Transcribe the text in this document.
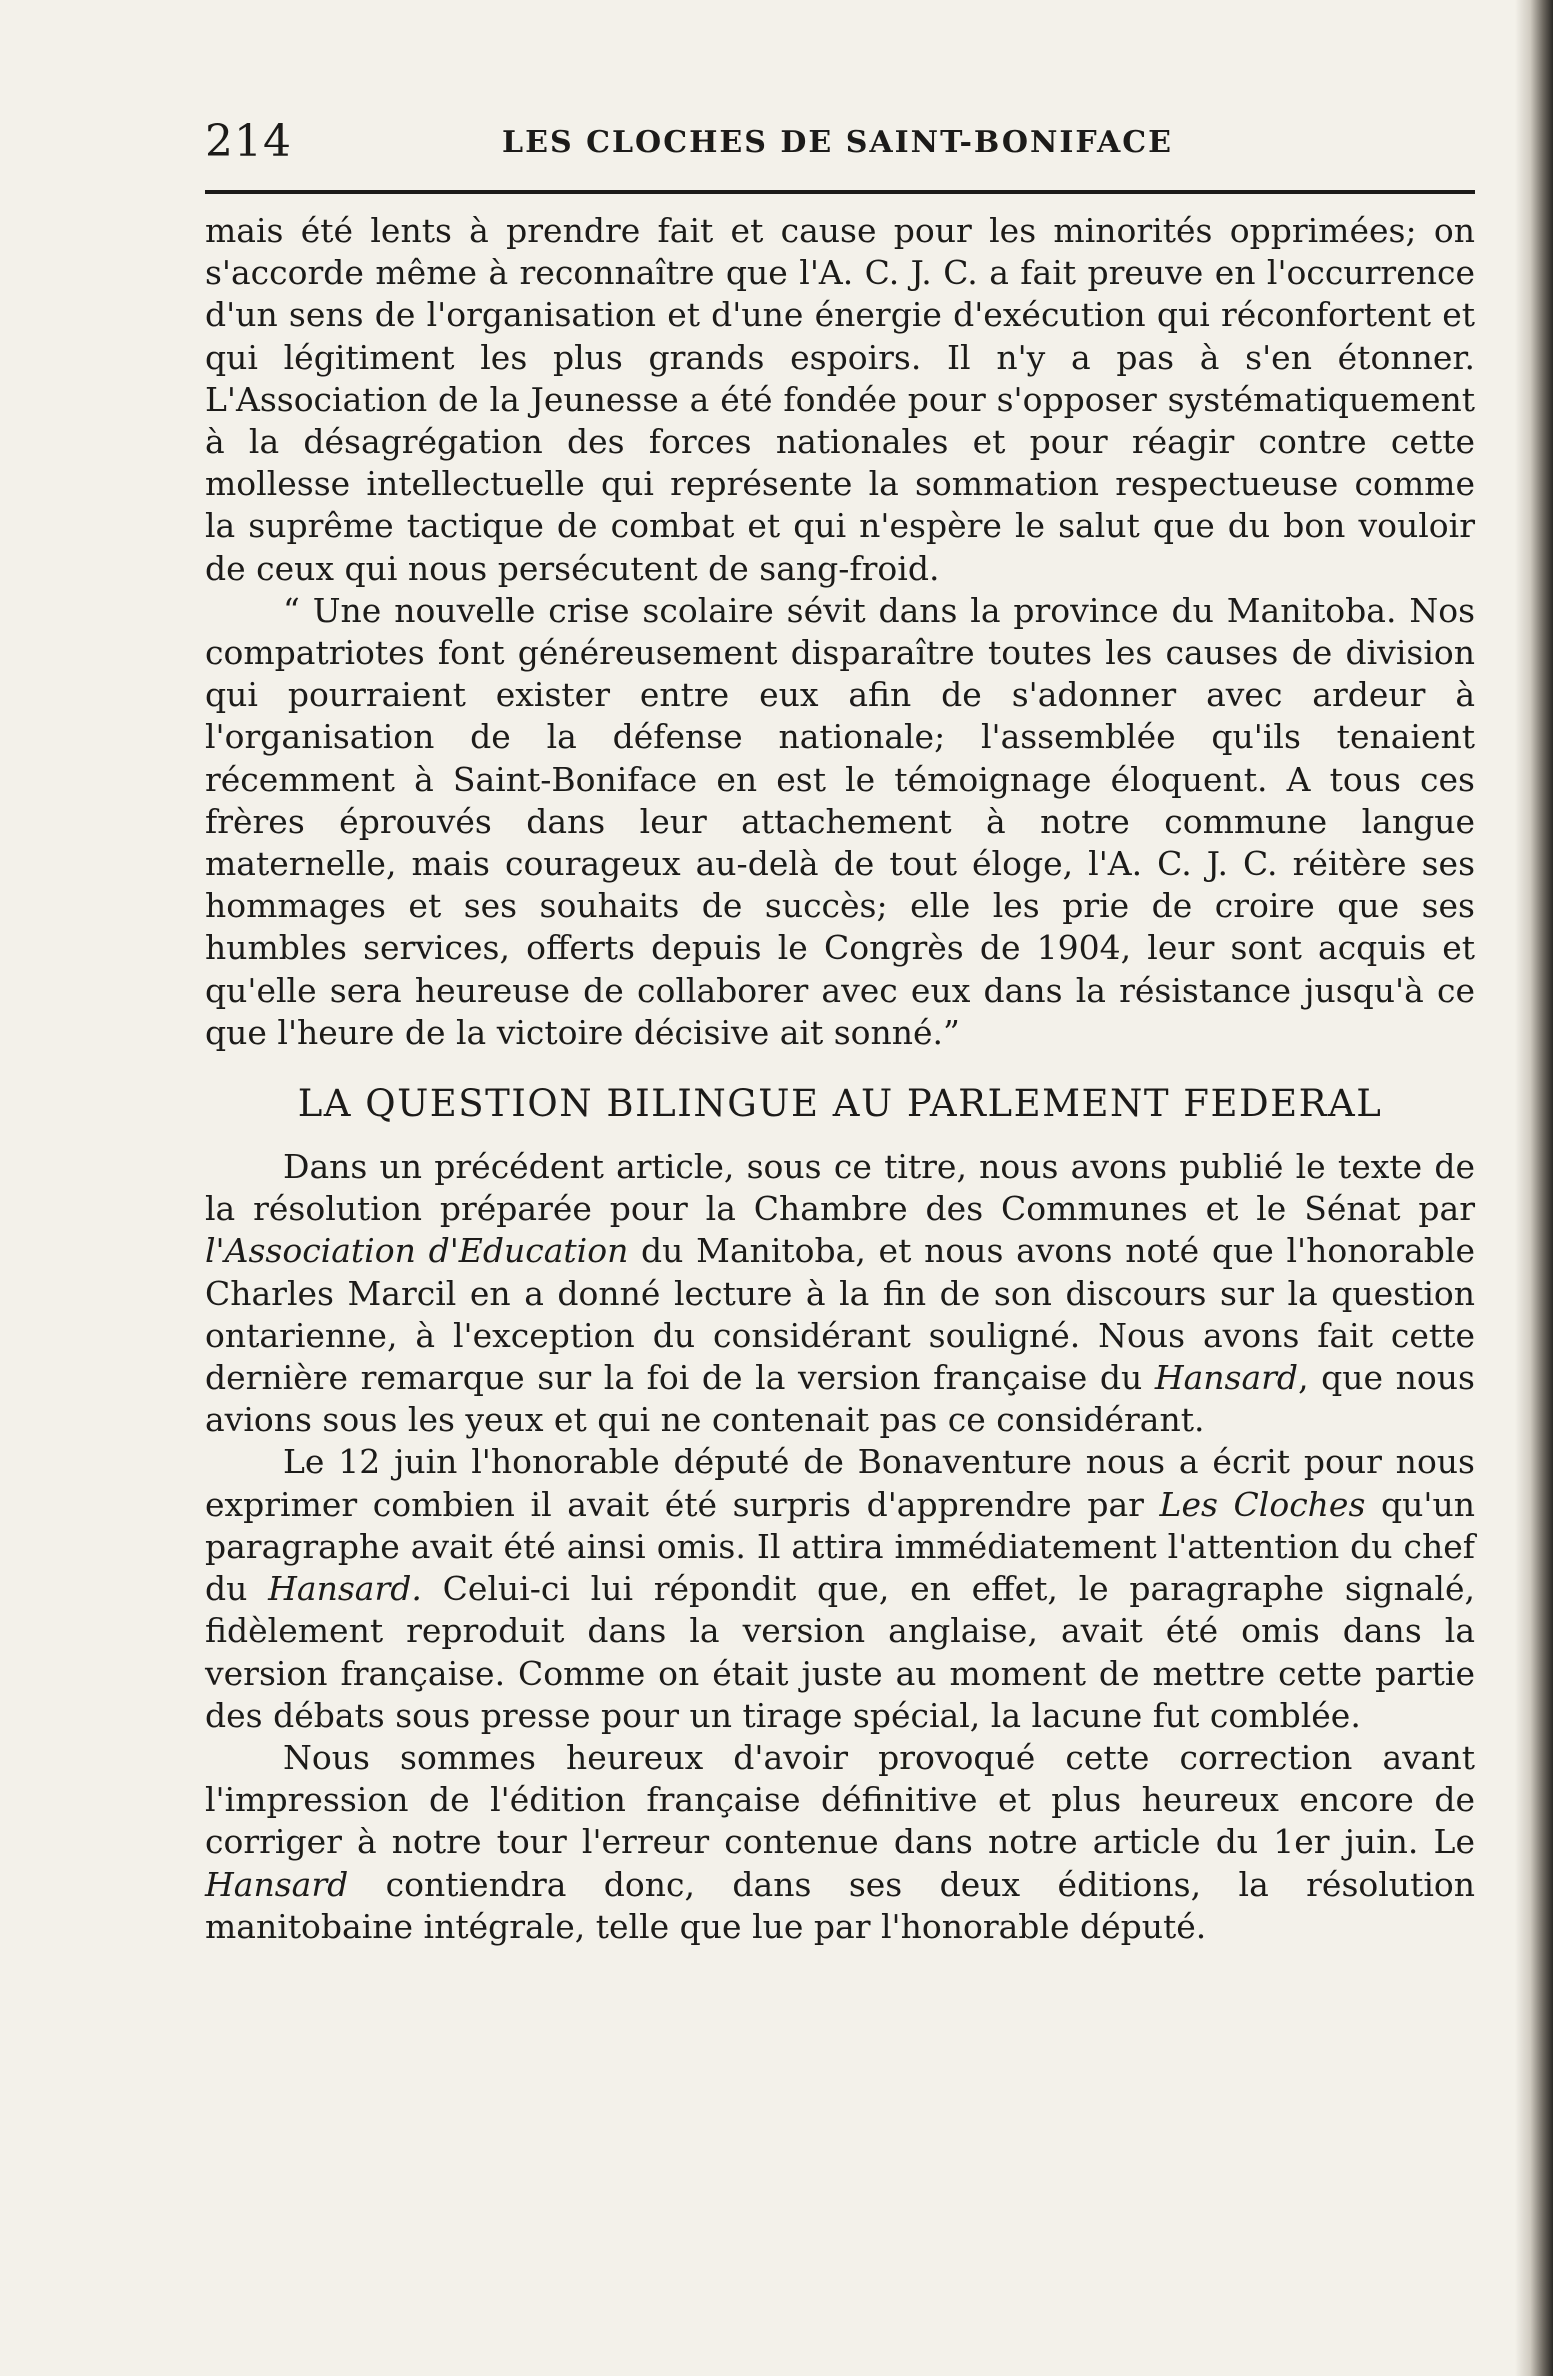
214	LES CLOCHES DE SAINT-BONIFACE

mais été lents à prendre fait et cause pour les minorités opprimées; on s'accorde même à reconnaître que l'A. C. J. C. a fait preuve en l'occurrence d'un sens de l'organisation et d'une énergie d'exécution qui réconfortent et qui légitiment les plus grands espoirs. Il n'y a pas à s'en étonner. L'Association de la Jeunesse a été fondée pour s'opposer systématiquement à la désagrégation des forces nationales et pour réagir contre cette mollesse intellectuelle qui représente la sommation respectueuse comme la suprême tactique de combat et qui n'espère le salut que du bon vouloir de ceux qui nous persécutent de sang-froid.

“ Une nouvelle crise scolaire sévit dans la province du Manitoba. Nos compatriotes font généreusement disparaître toutes les causes de division qui pourraient exister entre eux afin de s'adonner avec ardeur à l'organisation de la défense nationale; l'assemblée qu'ils tenaient récemment à Saint-Boniface en est le témoignage éloquent. A tous ces frères éprouvés dans leur attachement à notre commune langue maternelle, mais courageux au-delà de tout éloge, l'A. C. J. C. réitère ses hommages et ses souhaits de succès; elle les prie de croire que ses humbles services, offerts depuis le Congrès de 1904, leur sont acquis et qu'elle sera heureuse de collaborer avec eux dans la résistance jusqu'à ce que l'heure de la victoire décisive ait sonné.”

LA QUESTION BILINGUE AU PARLEMENT FEDERAL

Dans un précédent article, sous ce titre, nous avons publié le texte de la résolution préparée pour la Chambre des Communes et le Sénat par l'Association d'Education du Manitoba, et nous avons noté que l'honorable Charles Marcil en a donné lecture à la fin de son discours sur la question ontarienne, à l'exception du considérant souligné. Nous avons fait cette dernière remarque sur la foi de la version française du Hansard, que nous avions sous les yeux et qui ne contenait pas ce considérant.

Le 12 juin l'honorable député de Bonaventure nous a écrit pour nous exprimer combien il avait été surpris d'apprendre par Les Cloches qu'un paragraphe avait été ainsi omis. Il attira immédiatement l'attention du chef du Hansard. Celui-ci lui répondit que, en effet, le paragraphe signalé, fidèlement reproduit dans la version anglaise, avait été omis dans la version française. Comme on était juste au moment de mettre cette partie des débats sous presse pour un tirage spécial, la lacune fut comblée.

Nous sommes heureux d'avoir provoqué cette correction avant l'impression de l'édition française définitive et plus heureux encore de corriger à notre tour l'erreur contenue dans notre article du 1er juin. Le Hansard contiendra donc, dans ses deux éditions, la résolution manitobaine intégrale, telle que lue par l'honorable député.
